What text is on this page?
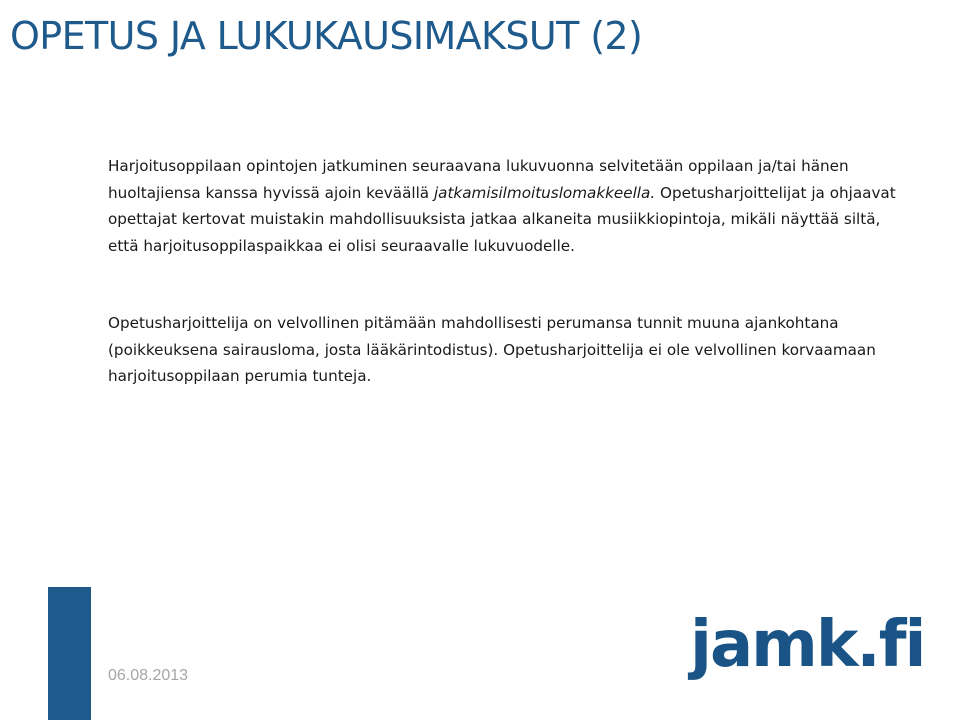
OPETUS JA LUKUKAUSIMAKSUT (2)

Harjoitusoppilaan opintojen jatkuminen seuraavana lukuvuonna selvitetään oppilaan ja/tai hänen huoltajiensa kanssa hyvissä ajoin keväällä jatkamisilmoituslomakkeella. Opetusharjoittelijat ja ohjaavat opettajat kertovat muistakin mahdollisuuksista jatkaa alkaneita musiikkiopintoja, mikäli näyttää siltä, että harjoitusoppilaspaikkaa ei olisi seuraavalle lukuvuodelle.

Opetusharjoittelija on velvollinen pitämään mahdollisesti perumansa tunnit muuna ajankohtana (poikkeuksena sairausloma, josta lääkärintodistus). Opetusharjoittelija ei ole velvollinen korvaamaan harjoitusoppilaan perumia tunteja.

06.08.2013	jamk.fi
